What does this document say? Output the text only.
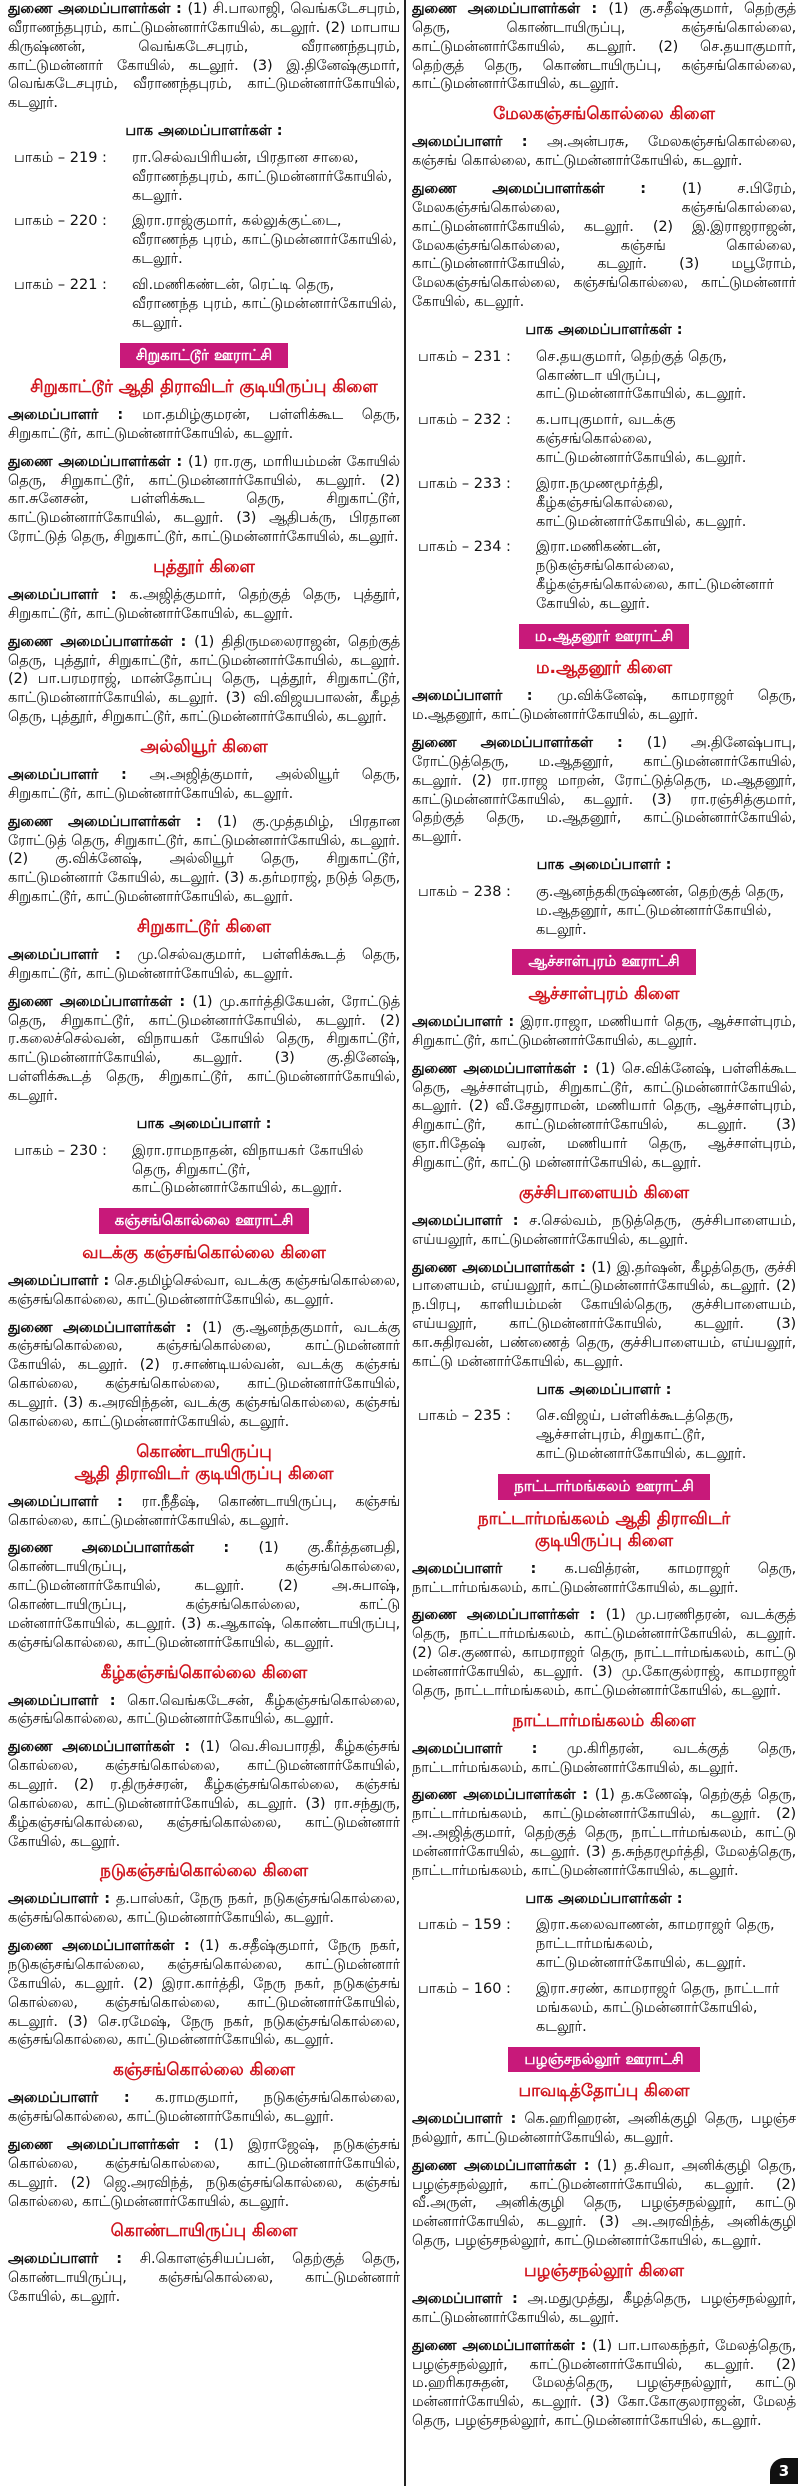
துணை அமைப்பாளர்கள் : (1) சி.பாலாஜி, வெங்கடேசபுரம், வீராணந்தபுரம், காட்டுமன்னார்கோயில், கடலூர். (2) மாபாய கிருஷ்ணன், வெங்கடேசபுரம், வீராணந்தபுரம், காட்டுமன்னார் கோயில், கடலூர். (3) இ.தினேஷ்குமார், வெங்கடேசபுரம், வீராணந்தபுரம், காட்டுமன்னார்கோயில், கடலூர்.
பாக அமைப்பாளர்கள் :
பாகம் – 219 :	ரா.செல்வபிரியன், பிரதான சாலை, வீராணந்தபுரம், காட்டுமன்னார்கோயில், கடலூர்.
பாகம் – 220 :	இரா.ராஜ்குமார், கல்லுக்குட்டை, வீராணந்த புரம், காட்டுமன்னார்கோயில், கடலூர்.
பாகம் – 221 :	வி.மணிகண்டன், ரெட்டி தெரு, வீராணந்த புரம், காட்டுமன்னார்கோயில், கடலூர்.
சிறுகாட்டூர் ஊராட்சி
சிறுகாட்டூர் ஆதி திராவிடர் குடியிருப்பு கிளை
அமைப்பாளர் : மா.தமிழ்குமரன், பள்ளிக்கூட தெரு, சிறுகாட்டூர், காட்டுமன்னார்கோயில், கடலூர்.
துணை அமைப்பாளர்கள் : (1) ரா.ரகு, மாரியம்மன் கோயில் தெரு, சிறுகாட்டூர், காட்டுமன்னார்கோயில், கடலூர். (2) கா.சுனேசன், பள்ளிக்கூட தெரு, சிறுகாட்டூர், காட்டுமன்னார்கோயில், கடலூர். (3) ஆதிபக்ரு, பிரதான ரோட்டுத் தெரு, சிறுகாட்டூர், காட்டுமன்னார்கோயில், கடலூர்.
புத்தூர் கிளை
அமைப்பாளர் : க.அஜித்குமார், தெற்குத் தெரு, புத்தூர், சிறுகாட்டூர், காட்டுமன்னார்கோயில், கடலூர்.
துணை அமைப்பாளர்கள் : (1) திதிருமலைராஜன், தெற்குத் தெரு, புத்தூர், சிறுகாட்டூர், காட்டுமன்னார்கோயில், கடலூர். (2) பா.பரமராஜ், மான்தோப்பு தெரு, புத்தூர், சிறுகாட்டூர், காட்டுமன்னார்கோயில், கடலூர். (3) வி.விஜயபாலன், கீழத் தெரு, புத்தூர், சிறுகாட்டூர், காட்டுமன்னார்கோயில், கடலூர்.
அல்லியூர் கிளை
அமைப்பாளர் : அ.அஜித்குமார், அல்லியூர் தெரு, சிறுகாட்டூர், காட்டுமன்னார்கோயில், கடலூர்.
துணை அமைப்பாளர்கள் : (1) கு.முத்தமிழ், பிரதான ரோட்டுத் தெரு, சிறுகாட்டூர், காட்டுமன்னார்கோயில், கடலூர். (2) கு.விக்னேஷ், அல்லியூர் தெரு, சிறுகாட்டூர், காட்டுமன்னார் கோயில், கடலூர். (3) க.தர்மராஜ், நடுத் தெரு, சிறுகாட்டூர், காட்டுமன்னார்கோயில், கடலூர்.
சிறுகாட்டூர் கிளை
அமைப்பாளர் : மு.செல்வகுமார், பள்ளிக்கூடத் தெரு, சிறுகாட்டூர், காட்டுமன்னார்கோயில், கடலூர்.
துணை அமைப்பாளர்கள் : (1) மு.கார்த்திகேயன், ரோட்டுத் தெரு, சிறுகாட்டூர், காட்டுமன்னார்கோயில், கடலூர். (2) ர.கலைச்செல்வன், விநாயகர் கோயில் தெரு, சிறுகாட்டூர், காட்டுமன்னார்கோயில், கடலூர். (3) கு.தினேஷ், பள்ளிக்கூடத் தெரு, சிறுகாட்டூர், காட்டுமன்னார்கோயில், கடலூர்.
பாக அமைப்பாளர் :
பாகம் – 230 :	இரா.ராமநாதன், விநாயகர் கோயில் தெரு, சிறுகாட்டூர், காட்டுமன்னார்கோயில், கடலூர்.
கஞ்சங்கொல்லை ஊராட்சி
வடக்கு கஞ்சங்கொல்லை கிளை
அமைப்பாளர் : செ.தமிழ்செல்வா, வடக்கு கஞ்சங்கொல்லை, கஞ்சங்கொல்லை, காட்டுமன்னார்கோயில், கடலூர்.
துணை அமைப்பாளர்கள் : (1) கு.ஆனந்தகுமார், வடக்கு கஞ்சங்கொல்லை, கஞ்சங்கொல்லை, காட்டுமன்னார் கோயில், கடலூர். (2) ர.சாண்டியல்வன், வடக்கு கஞ்சங் கொல்லை, கஞ்சங்கொல்லை, காட்டுமன்னார்கோயில், கடலூர். (3) க.அரவிந்தன், வடக்கு கஞ்சங்கொல்லை, கஞ்சங் கொல்லை, காட்டுமன்னார்கோயில், கடலூர்.
கொண்டாயிருப்பு
ஆதி திராவிடர் குடியிருப்பு கிளை
அமைப்பாளர் : ரா.நீதீஷ், கொண்டாயிருப்பு, கஞ்சங் கொல்லை, காட்டுமன்னார்கோயில், கடலூர்.
துணை அமைப்பாளர்கள் : (1) கு.கீர்த்தனபதி, கொண்டாயிருப்பு, கஞ்சங்கொல்லை, காட்டுமன்னார்கோயில், கடலூர். (2) அ.சுபாஷ், கொண்டாயிருப்பு, கஞ்சங்கொல்லை, காட்டு மன்னார்கோயில், கடலூர். (3) க.ஆகாஷ், கொண்டாயிருப்பு, கஞ்சங்கொல்லை, காட்டுமன்னார்கோயில், கடலூர்.
கீழ்கஞ்சங்கொல்லை கிளை
அமைப்பாளர் : கொ.வெங்கடேசன், கீழ்கஞ்சங்கொல்லை, கஞ்சங்கொல்லை, காட்டுமன்னார்கோயில், கடலூர்.
துணை அமைப்பாளர்கள் : (1) வெ.சிவபாரதி, கீழ்கஞ்சங் கொல்லை, கஞ்சங்கொல்லை, காட்டுமன்னார்கோயில், கடலூர். (2) ர.திருச்சரன், கீழ்கஞ்சங்கொல்லை, கஞ்சங் கொல்லை, காட்டுமன்னார்கோயில், கடலூர். (3) ரா.சந்துரு, கீழ்கஞ்சங்கொல்லை, கஞ்சங்கொல்லை, காட்டுமன்னார் கோயில், கடலூர்.
நடுகஞ்சங்கொல்லை கிளை
அமைப்பாளர் : த.பாஸ்கர், நேரு நகர், நடுகஞ்சங்கொல்லை, கஞ்சங்கொல்லை, காட்டுமன்னார்கோயில், கடலூர்.
துணை அமைப்பாளர்கள் : (1) க.சதீஷ்குமார், நேரு நகர், நடுகஞ்சங்கொல்லை, கஞ்சங்கொல்லை, காட்டுமன்னார் கோயில், கடலூர். (2) இரா.கார்த்தி, நேரு நகர், நடுகஞ்சங் கொல்லை, கஞ்சங்கொல்லை, காட்டுமன்னார்கோயில், கடலூர். (3) செ.ரமேஷ், நேரு நகர், நடுகஞ்சங்கொல்லை, கஞ்சங்கொல்லை, காட்டுமன்னார்கோயில், கடலூர்.
கஞ்சங்கொல்லை கிளை
அமைப்பாளர் : க.ராமகுமார், நடுகஞ்சங்கொல்லை, கஞ்சங்கொல்லை, காட்டுமன்னார்கோயில், கடலூர்.
துணை அமைப்பாளர்கள் : (1) இராஜேஷ், நடுகஞ்சங் கொல்லை, கஞ்சங்கொல்லை, காட்டுமன்னார்கோயில், கடலூர். (2) ஜெ.அரவிந்த், நடுகஞ்சங்கொல்லை, கஞ்சங் கொல்லை, காட்டுமன்னார்கோயில், கடலூர்.
கொண்டாயிருப்பு கிளை
அமைப்பாளர் : சி.கொளஞ்சியப்பன், தெற்குத் தெரு, கொண்டாயிருப்பு, கஞ்சங்கொல்லை, காட்டுமன்னார் கோயில், கடலூர்.
துணை அமைப்பாளர்கள் : (1) கு.சதீஷ்குமார், தெற்குத் தெரு, கொண்டாயிருப்பு, கஞ்சங்கொல்லை, காட்டுமன்னார்கோயில், கடலூர். (2) செ.தயாகுமார், தெற்குத் தெரு, கொண்டாயிருப்பு, கஞ்சங்கொல்லை, காட்டுமன்னார்கோயில், கடலூர்.
மேலகஞ்சங்கொல்லை கிளை
அமைப்பாளர் : அ.அன்பரசு, மேலகஞ்சங்கொல்லை, கஞ்சங் கொல்லை, காட்டுமன்னார்கோயில், கடலூர்.
துணை அமைப்பாளர்கள் : (1) ச.பிரேம், மேலகஞ்சங்கொல்லை, கஞ்சங்கொல்லை, காட்டுமன்னார்கோயில், கடலூர். (2) இ.இராஜராஜன், மேலகஞ்சங்கொல்லை, கஞ்சங் கொல்லை, காட்டுமன்னார்கோயில், கடலூர். (3) மபூரோம், மேலகஞ்சங்கொல்லை, கஞ்சங்கொல்லை, காட்டுமன்னார் கோயில், கடலூர்.
பாக அமைப்பாளர்கள் :
பாகம் – 231 :	செ.தயகுமார், தெற்குத் தெரு, கொண்டா யிருப்பு, காட்டுமன்னார்கோயில், கடலூர்.
பாகம் – 232 :	க.பாபுகுமார், வடக்கு கஞ்சங்கொல்லை, காட்டுமன்னார்கோயில், கடலூர்.
பாகம் – 233 :	இரா.நமுணமூர்த்தி, கீழ்கஞ்சங்கொல்லை, காட்டுமன்னார்கோயில், கடலூர்.
பாகம் – 234 :	இரா.மணிகண்டன், நடுகஞ்சங்கொல்லை, கீழ்கஞ்சங்கொல்லை, காட்டுமன்னார் கோயில், கடலூர்.
ம.ஆதனூர் ஊராட்சி
ம.ஆதனூர் கிளை
அமைப்பாளர் : மு.விக்னேஷ், காமராஜர் தெரு, ம.ஆதனூர், காட்டுமன்னார்கோயில், கடலூர்.
துணை அமைப்பாளர்கள் : (1) அ.தினேஷ்பாபு, ரோட்டுத்தெரு, ம.ஆதனூர், காட்டுமன்னார்கோயில், கடலூர். (2) ரா.ராஜ மாறன், ரோட்டுத்தெரு, ம.ஆதனூர், காட்டுமன்னார்கோயில், கடலூர். (3) ரா.ரஞ்சித்குமார், தெற்குத் தெரு, ம.ஆதனூர், காட்டுமன்னார்கோயில், கடலூர்.
பாக அமைப்பாளர் :
பாகம் – 238 :	கு.ஆனந்தகிருஷ்ணன், தெற்குத் தெரு, ம.ஆதனூர், காட்டுமன்னார்கோயில், கடலூர்.
ஆச்சாள்புரம் ஊராட்சி
ஆச்சாள்புரம் கிளை
அமைப்பாளர் : இரா.ராஜா, மணியார் தெரு, ஆச்சாள்புரம், சிறுகாட்டூர், காட்டுமன்னார்கோயில், கடலூர்.
துணை அமைப்பாளர்கள் : (1) செ.விக்னேஷ், பள்ளிக்கூட தெரு, ஆச்சாள்புரம், சிறுகாட்டூர், காட்டுமன்னார்கோயில், கடலூர். (2) வீ.சேதுராமன், மணியார் தெரு, ஆச்சாள்புரம், சிறுகாட்டூர், காட்டுமன்னார்கோயில், கடலூர். (3) ஞா.ரிதேஷ் வரன், மணியார் தெரு, ஆச்சாள்புரம், சிறுகாட்டூர், காட்டு மன்னார்கோயில், கடலூர்.
குச்சிபாளையம் கிளை
அமைப்பாளர் : ச.செல்வம், நடுத்தெரு, குச்சிபாளையம், எய்யலூர், காட்டுமன்னார்கோயில், கடலூர்.
துணை அமைப்பாளர்கள் : (1) இ.தர்ஷன், கீழத்தெரு, குச்சி பாளையம், எய்யலூர், காட்டுமன்னார்கோயில், கடலூர். (2) ந.பிரபு, காளியம்மன் கோயில்தெரு, குச்சிபாளையம், எய்யலூர், காட்டுமன்னார்கோயில், கடலூர். (3) கா.சுதிரவன், பண்ணைத் தெரு, குச்சிபாளையம், எய்யலூர், காட்டு மன்னார்கோயில், கடலூர்.
பாக அமைப்பாளர் :
பாகம் – 235 :	செ.விஜய், பள்ளிக்கூடத்தெரு, ஆச்சாள்புரம், சிறுகாட்டூர், காட்டுமன்னார்கோயில், கடலூர்.
நாட்டார்மங்கலம் ஊராட்சி
நாட்டார்மங்கலம் ஆதி திராவிடர்
குடியிருப்பு கிளை
அமைப்பாளர் : க.பவித்ரன், காமராஜர் தெரு, நாட்டார்மங்கலம், காட்டுமன்னார்கோயில், கடலூர்.
துணை அமைப்பாளர்கள் : (1) மு.பரணிதரன், வடக்குத் தெரு, நாட்டார்மங்கலம், காட்டுமன்னார்கோயில், கடலூர். (2) செ.குணால், காமராஜர் தெரு, நாட்டார்மங்கலம், காட்டு மன்னார்கோயில், கடலூர். (3) மு.கோகுல்ராஜ், காமராஜர் தெரு, நாட்டார்மங்கலம், காட்டுமன்னார்கோயில், கடலூர்.
நாட்டார்மங்கலம் கிளை
அமைப்பாளர் : மு.கிரிதரன், வடக்குத் தெரு, நாட்டார்மங்கலம், காட்டுமன்னார்கோயில், கடலூர்.
துணை அமைப்பாளர்கள் : (1) த.கணேஷ், தெற்குத் தெரு, நாட்டார்மங்கலம், காட்டுமன்னார்கோயில், கடலூர். (2) அ.அஜித்குமார், தெற்குத் தெரு, நாட்டார்மங்கலம், காட்டு மன்னார்கோயில், கடலூர். (3) த.சுந்தரமூர்த்தி, மேலத்தெரு, நாட்டார்மங்கலம், காட்டுமன்னார்கோயில், கடலூர்.
பாக அமைப்பாளர்கள் :
பாகம் – 159 :	இரா.கலைவாணன், காமராஜர் தெரு, நாட்டார்மங்கலம், காட்டுமன்னார்கோயில், கடலூர்.
பாகம் – 160 :	இரா.சரண், காமராஜர் தெரு, நாட்டார் மங்கலம், காட்டுமன்னார்கோயில், கடலூர்.
பழஞ்சநல்லூர் ஊராட்சி
பாவடித்தோப்பு கிளை
அமைப்பாளர் : கெ.ஹரிஹரன், அனிக்குழி தெரு, பழஞ்ச நல்லூர், காட்டுமன்னார்கோயில், கடலூர்.
துணை அமைப்பாளர்கள் : (1) த.சிவா, அனிக்குழி தெரு, பழஞ்சநல்லூர், காட்டுமன்னார்கோயில், கடலூர். (2) வீ.அருள், அனிக்குழி தெரு, பழஞ்சநல்லூர், காட்டு மன்னார்கோயில், கடலூர். (3) அ.அரவிந்த், அனிக்குழி தெரு, பழஞ்சநல்லூர், காட்டுமன்னார்கோயில், கடலூர்.
பழஞ்சநல்லூர் கிளை
அமைப்பாளர் : அ.மதுமுத்து, கீழத்தெரு, பழஞ்சநல்லூர், காட்டுமன்னார்கோயில், கடலூர்.
துணை அமைப்பாளர்கள் : (1) பா.பாலகந்தர், மேலத்தெரு, பழஞ்சநல்லூர், காட்டுமன்னார்கோயில், கடலூர். (2) ம.ஹரிகரசுதன், மேலத்தெரு, பழஞ்சநல்லூர், காட்டு மன்னார்கோயில், கடலூர். (3) கோ.கோகுலராஜன், மேலத் தெரு, பழஞ்சநல்லூர், காட்டுமன்னார்கோயில், கடலூர்.
3
